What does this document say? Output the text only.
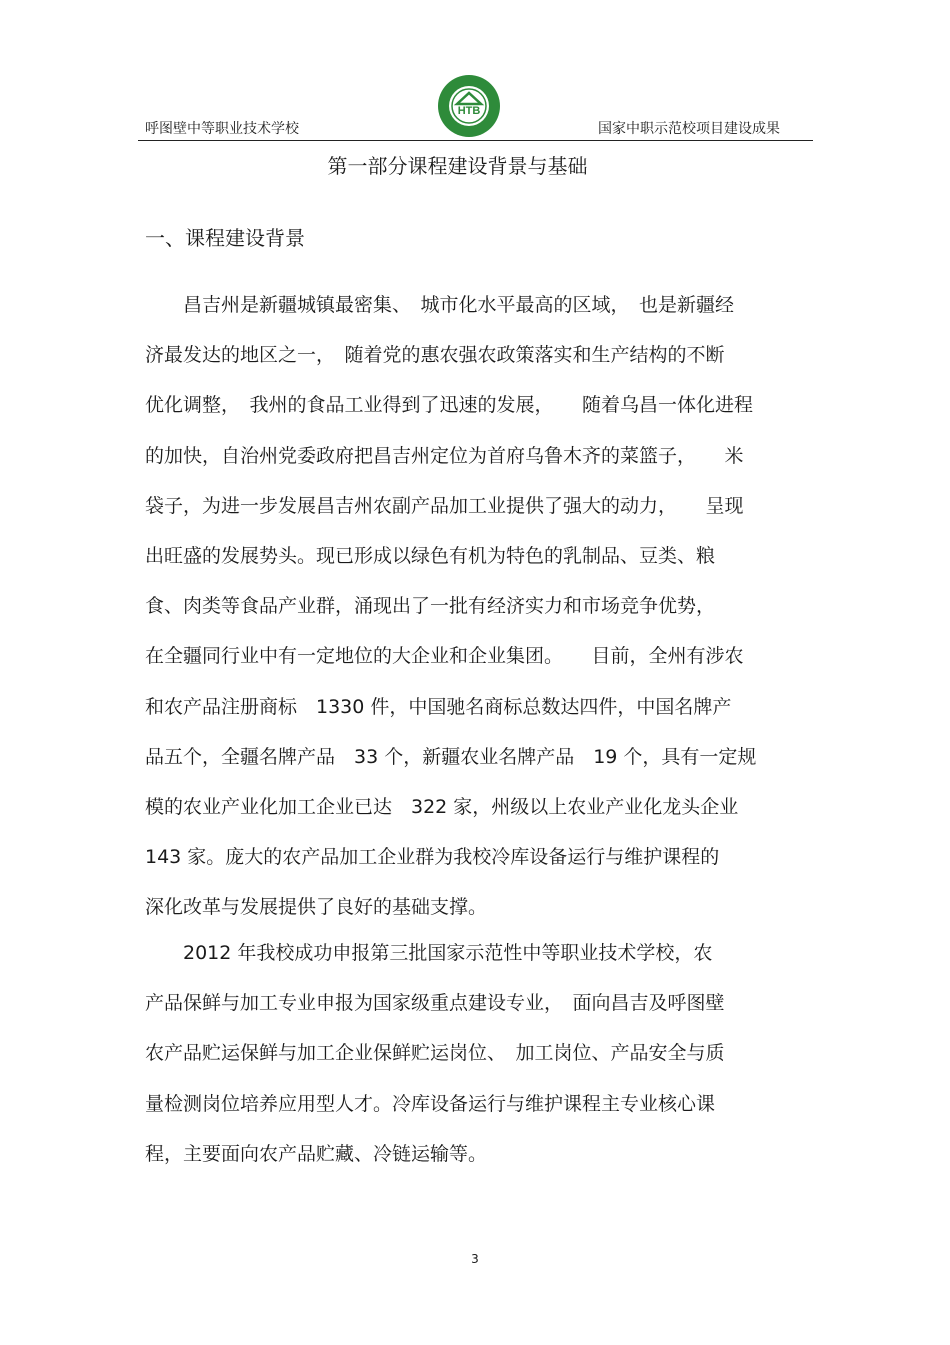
呼图壁中等职业技术学校
HTB
国家中职示范校项目建设成果
第一部分课程建设背景与基础
一、课程建设背景
　　昌吉州是新疆城镇最密集、　城市化水平最高的区域，　也是新疆经
济最发达的地区之一，　随着党的惠农强农政策落实和生产结构的不断
优化调整，　我州的食品工业得到了迅速的发展，　　随着乌昌一体化进程
的加快，自治州党委政府把昌吉州定位为首府乌鲁木齐的菜篮子，　　米
袋子，为进一步发展昌吉州农副产品加工业提供了强大的动力，　　呈现
出旺盛的发展势头。现已形成以绿色有机为特色的乳制品、豆类、粮
食、肉类等食品产业群，涌现出了一批有经济实力和市场竞争优势，
在全疆同行业中有一定地位的大企业和企业集团。　　目前，全州有涉农
和农产品注册商标　1330 件，中国驰名商标总数达四件，中国名牌产
品五个，全疆名牌产品　33 个，新疆农业名牌产品　19 个，具有一定规
模的农业产业化加工企业已达　322 家，州级以上农业产业化龙头企业
143 家。庞大的农产品加工企业群为我校冷库设备运行与维护课程的
深化改革与发展提供了良好的基础支撑。
　　2012 年我校成功申报第三批国家示范性中等职业技术学校，农
产品保鲜与加工专业申报为国家级重点建设专业，　面向昌吉及呼图壁
农产品贮运保鲜与加工企业保鲜贮运岗位、　加工岗位、产品安全与质
量检测岗位培养应用型人才。冷库设备运行与维护课程主专业核心课
程，主要面向农产品贮藏、冷链运输等。
3
